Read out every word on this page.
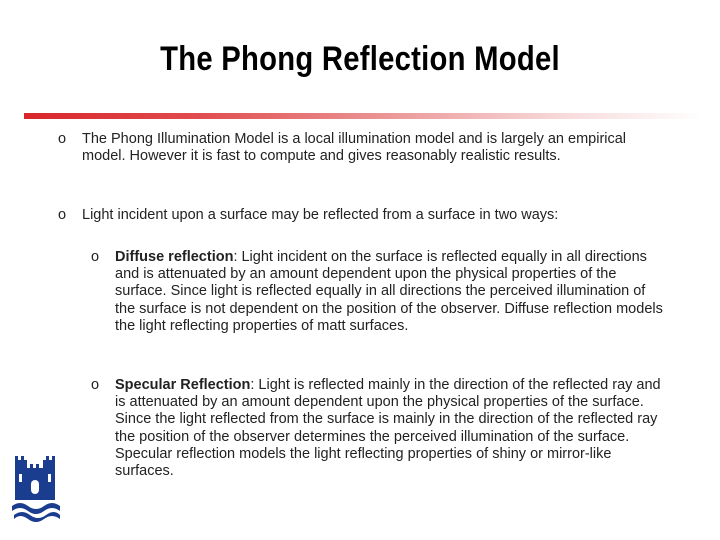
The Phong Reflection Model
o The Phong Illumination Model is a local illumination model and is largely an empirical model. However it is fast to compute and gives reasonably realistic results.
o Light incident upon a surface may be reflected from a surface in two ways:
o Diffuse reflection: Light incident on the surface is reflected equally in all directions and is attenuated by an amount dependent upon the physical properties of the surface. Since light is reflected equally in all directions the perceived illumination of the surface is not dependent on the position of the observer. Diffuse reflection models the light reflecting properties of matt surfaces.
o Specular Reflection: Light is reflected mainly in the direction of the reflected ray and is attenuated by an amount dependent upon the physical properties of the surface. Since the light reflected from the surface is mainly in the direction of the reflected ray the position of the observer determines the perceived illumination of the surface. Specular reflection models the light reflecting properties of shiny or mirror-like surfaces.
